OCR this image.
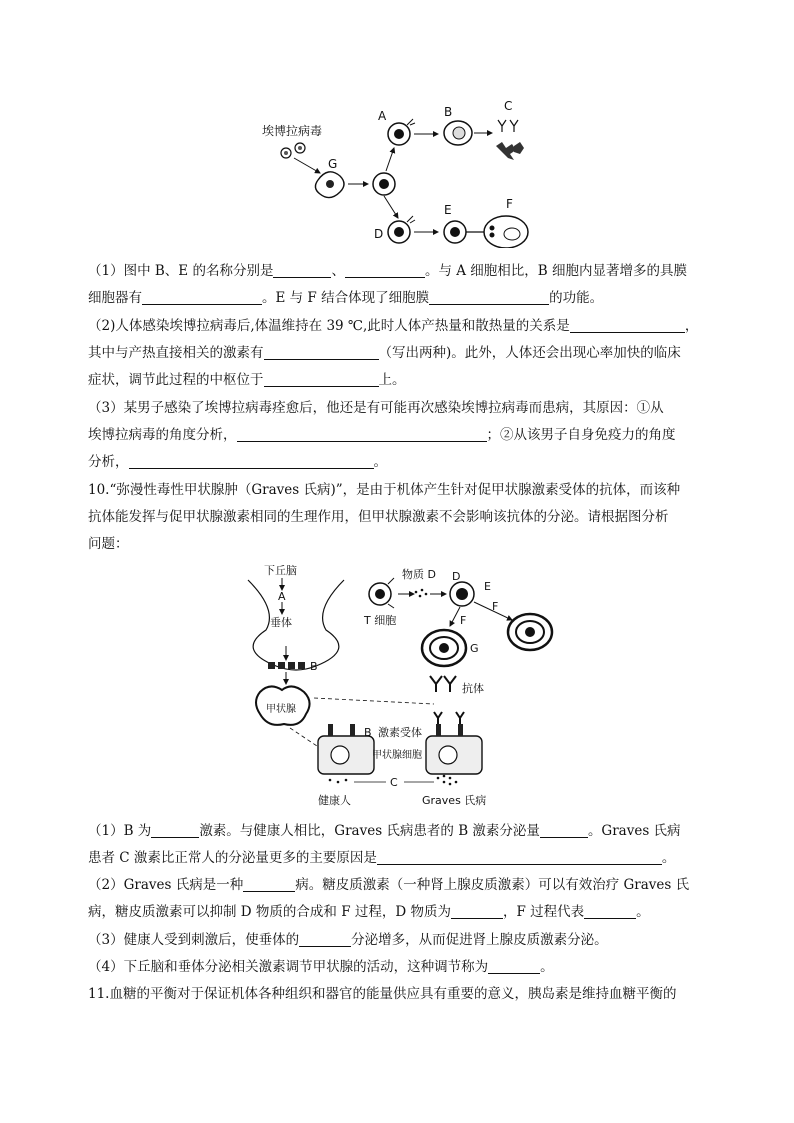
埃博拉病毒
G
A	B	C
D
E	F
（1）图中 B、E 的名称分别是	、	。与 A 细胞相比，B 细胞内显著增多的具膜
细胞器有	。E 与 F 结合体现了细胞膜	的功能。
（2)人体感染埃博拉病毒后,体温维持在 39 ℃,此时人体产热量和散热量的关系是	，
其中与产热直接相关的激素有	（写出两种)。此外，人体还会出现心率加快的临床
症状，调节此过程的中枢位于	上。
（3）某男子感染了埃博拉病毒痊愈后，他还是有可能再次感染埃博拉病毒而患病，其原因：①从
埃博拉病毒的角度分析，	；②从该男子自身免疫力的角度
分析，	。
10.“弥漫性毒性甲状腺肿（Graves 氏病)”，是由于机体产生针对促甲状腺激素受体的抗体，而该种
抗体能发挥与促甲状腺激素相同的生理作用，但甲状腺激素不会影响该抗体的分泌。请根据图分析
问题：
下丘脑
A
垂体
B
甲状腺
T 细胞
物质 D D
E
F
F
G
抗体
B 激素受体
甲状腺细胞
C
健康人	Graves 氏病
（1）B 为	激素。与健康人相比，Graves 氏病患者的 B 激素分泌量	。Graves 氏病
患者 C 激素比正常人的分泌量更多的主要原因是	。
（2）Graves 氏病是一种	病。糖皮质激素（一种肾上腺皮质激素）可以有效治疗 Graves 氏
病，糖皮质激素可以抑制 D 物质的合成和 F 过程，D 物质为	，F 过程代表	。
（3）健康人受到刺激后，使垂体的	分泌增多，从而促进肾上腺皮质激素分泌。
（4）下丘脑和垂体分泌相关激素调节甲状腺的活动，这种调节称为	。
11.血糖的平衡对于保证机体各种组织和器官的能量供应具有重要的意义，胰岛素是维持血糖平衡的
